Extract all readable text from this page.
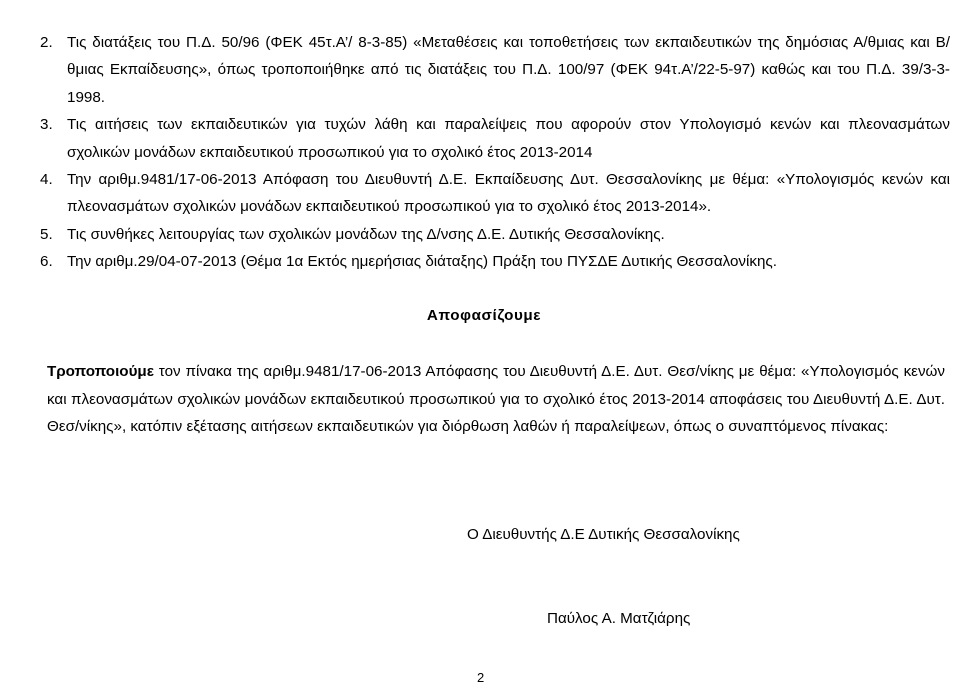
2. Τις διατάξεις του Π.Δ. 50/96 (ΦΕΚ 45τ.Α’/ 8-3-85) «Μεταθέσεις και τοποθετήσεις των εκπαιδευτικών της δημόσιας Α/θμιας και Β/θμιας Εκπαίδευσης», όπως τροποποιήθηκε από τις διατάξεις του Π.Δ. 100/97 (ΦΕΚ 94τ.Α’/22-5-97) καθώς και του Π.Δ. 39/3-3-1998.
3. Τις αιτήσεις των εκπαιδευτικών για τυχών λάθη και παραλείψεις που αφορούν στον Υπολογισμό κενών και πλεονασμάτων σχολικών μονάδων εκπαιδευτικού προσωπικού για το σχολικό έτος 2013-2014
4. Την αριθμ.9481/17-06-2013 Απόφαση του Διευθυντή Δ.Ε. Εκπαίδευσης Δυτ. Θεσσαλονίκης με θέμα: «Υπολογισμός κενών και πλεονασμάτων σχολικών μονάδων εκπαιδευτικού προσωπικού για το σχολικό έτος 2013-2014».
5. Τις συνθήκες λειτουργίας των σχολικών μονάδων της Δ/νσης Δ.Ε. Δυτικής Θεσσαλονίκης.
6. Την αριθμ.29/04-07-2013 (Θέμα 1α Εκτός ημερήσιας διάταξης) Πράξη του ΠΥΣΔΕ Δυτικής Θεσσαλονίκης.
Αποφασίζουμε

Τροποποιούμε τον πίνακα της αριθμ.9481/17-06-2013 Απόφασης του Διευθυντή Δ.Ε. Δυτ. Θεσ/νίκης με θέμα: «Υπολογισμός κενών και πλεονασμάτων σχολικών μονάδων εκπαιδευτικού προσωπικού για το σχολικό έτος 2013-2014 αποφάσεις του Διευθυντή Δ.Ε. Δυτ. Θεσ/νίκης», κατόπιν εξέτασης αιτήσεων εκπαιδευτικών για διόρθωση λαθών ή παραλείψεων, όπως ο συναπτόμενος πίνακας:

Ο Διευθυντής Δ.Ε Δυτικής Θεσσαλονίκης
Παύλος Α. Ματζιάρης
2
